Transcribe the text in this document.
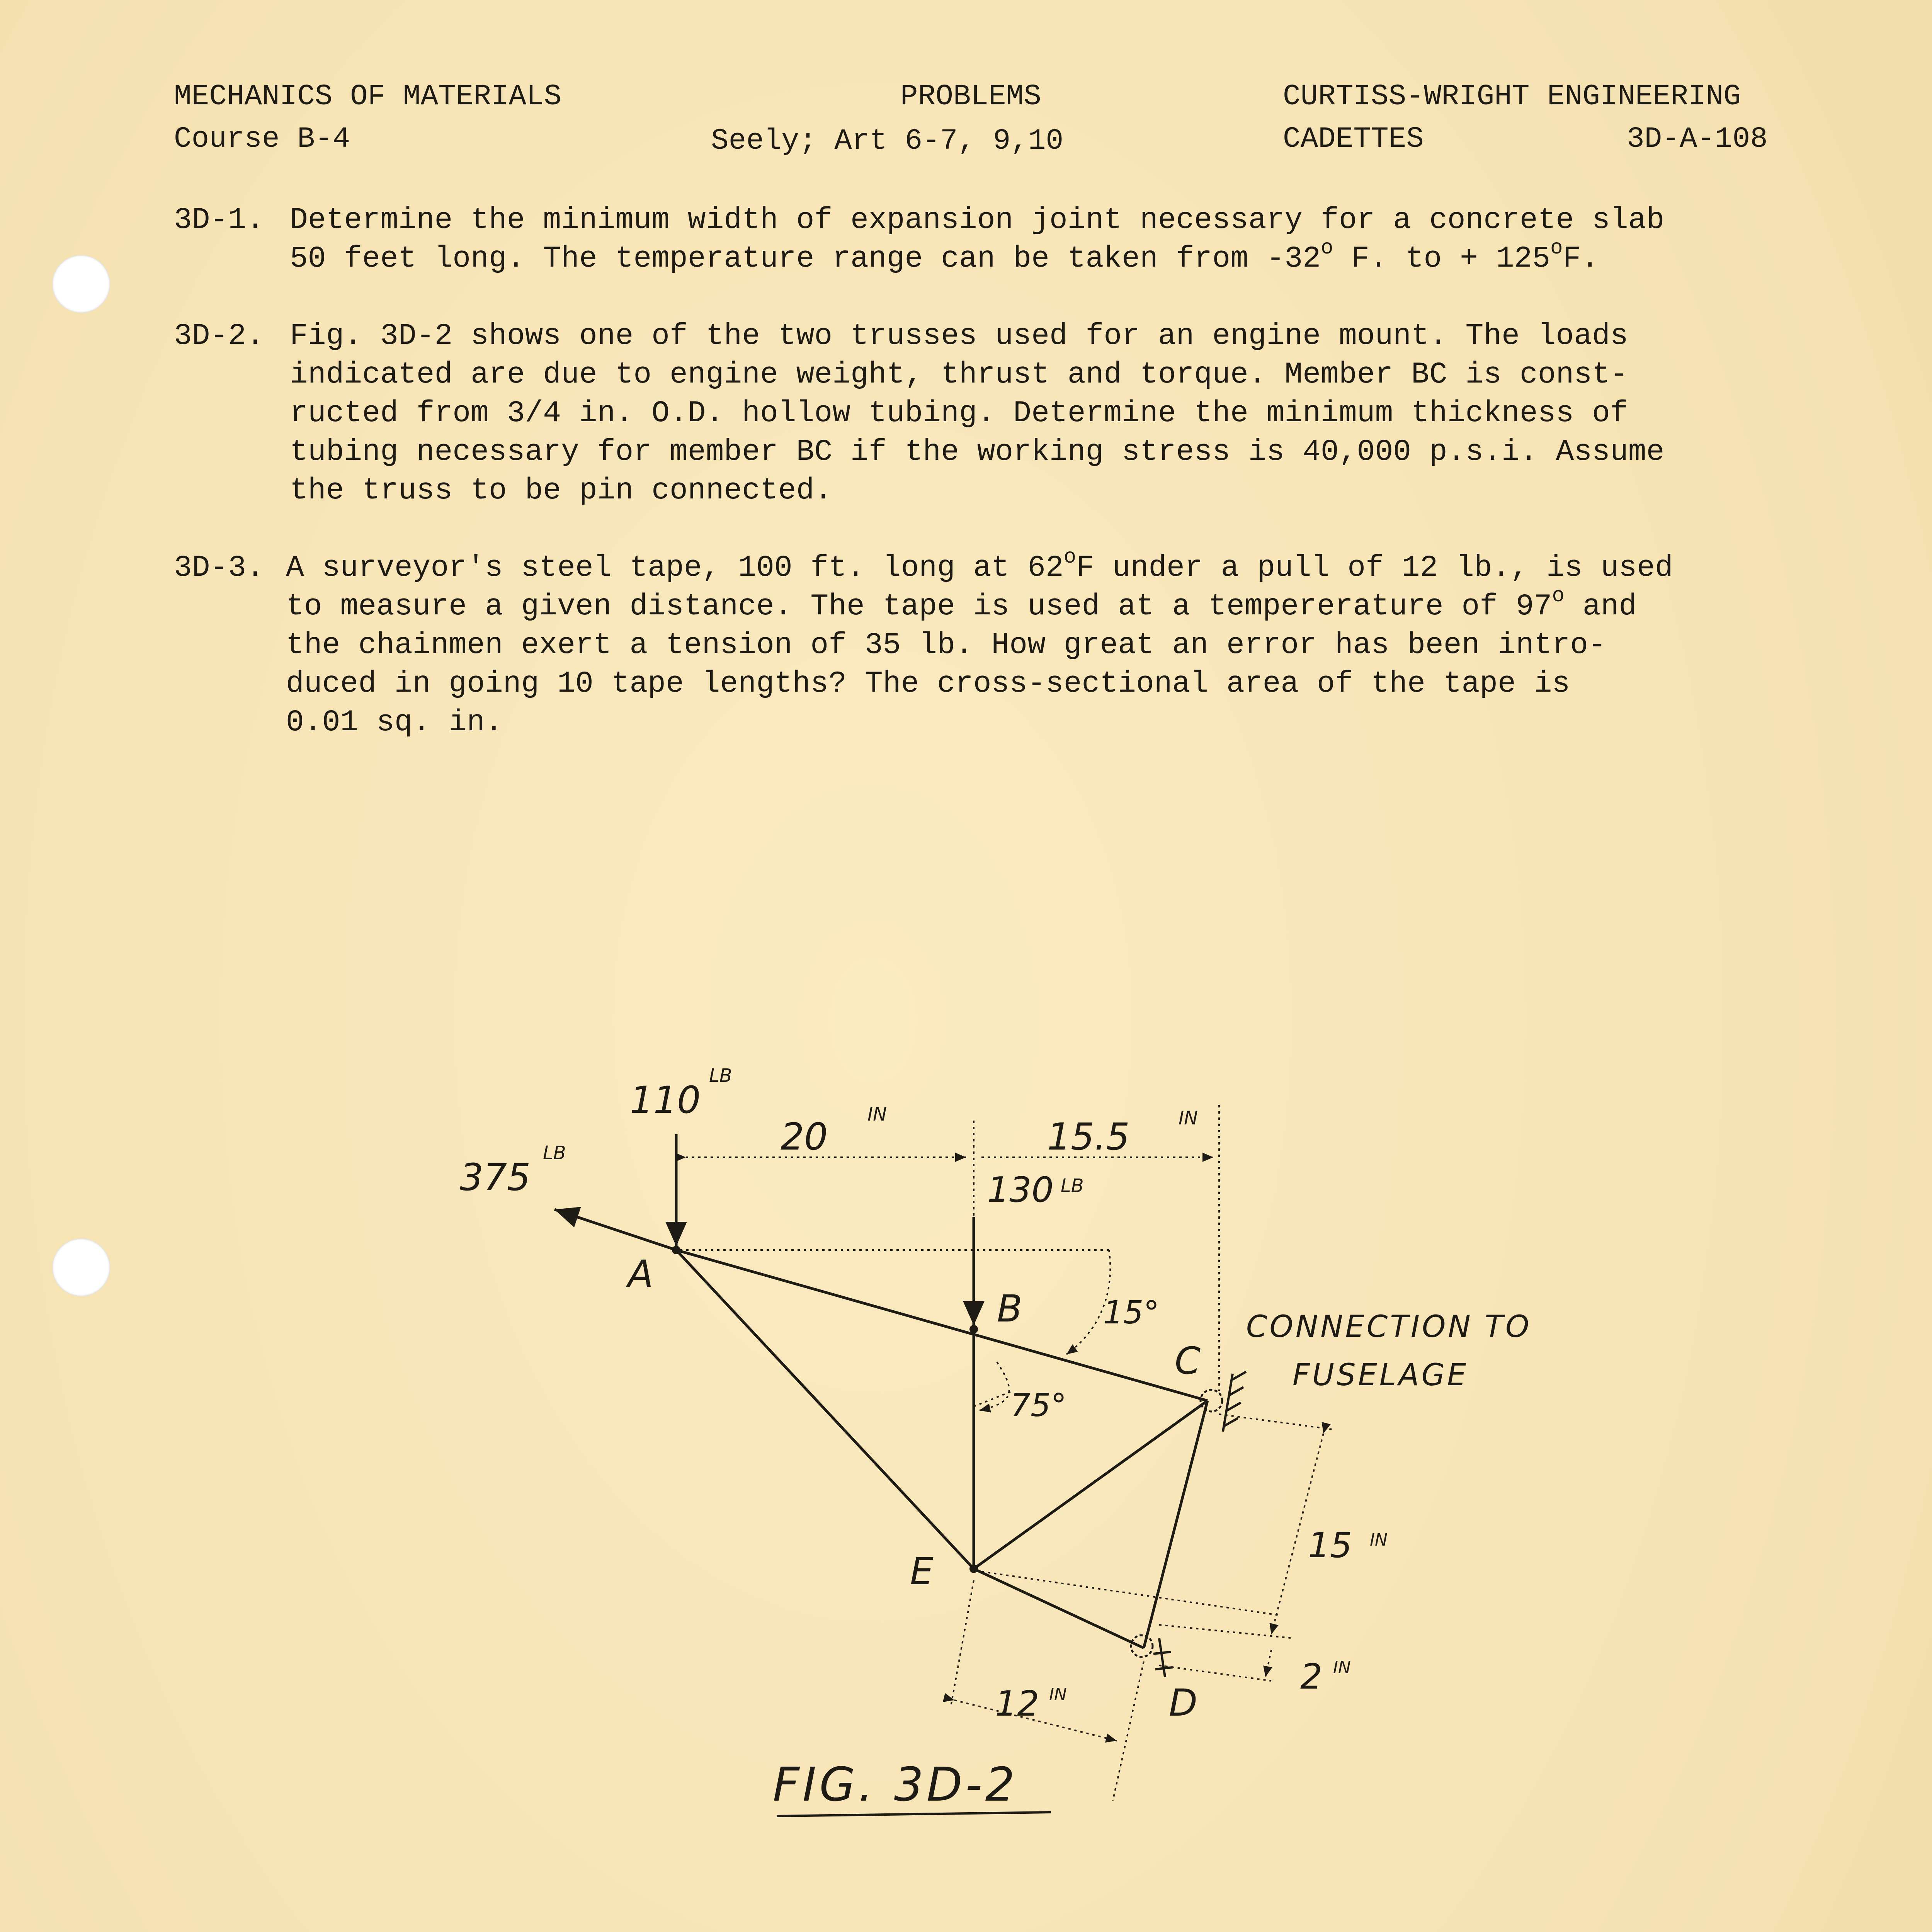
MECHANICS OF MATERIALS
Course B-4
PROBLEMS
Seely; Art 6-7, 9,10
CURTISS-WRIGHT ENGINEERING
CADETTES	3D-A-108
3D-1. Determine the minimum width of expansion joint necessary for a concrete slab
50 feet long. The temperature range can be taken from -32$^o$ F. to + $125^oF$.
3D-2. Fig. 3D-2 shows one of the two trusses used for an engine mount. The loads
indicated are due to engine weight, thrust and torque. Member BC is const-
ructed from 3/4 in. O.D. hollow tubing. Determine the minimum thickness of
tubing necessary for member BC if the working stress is 40,000 p.s.i. Assume
the truss to be pin connected.
3D-3. A surveyor's steel tape, 100 ft. long at 62$^o$F under a pull of 12 lb., is used
to measure a given distance. The tape is used at a tempererature of 97$^o$ and
the chainmen exert a tension of 35 lb. How great an error has been intro-
duced in going 10 tape lengths? The cross-sectional area of the tape is
0.01 sq. in.
110
LB
375
LB
130 LB
20
IN
15.5	IN
15 IN
2 IN
12 IN
15°
75°
A
B
C
D
E
CONNECTION TO
FUSELAGE
FIG. 3D-2
